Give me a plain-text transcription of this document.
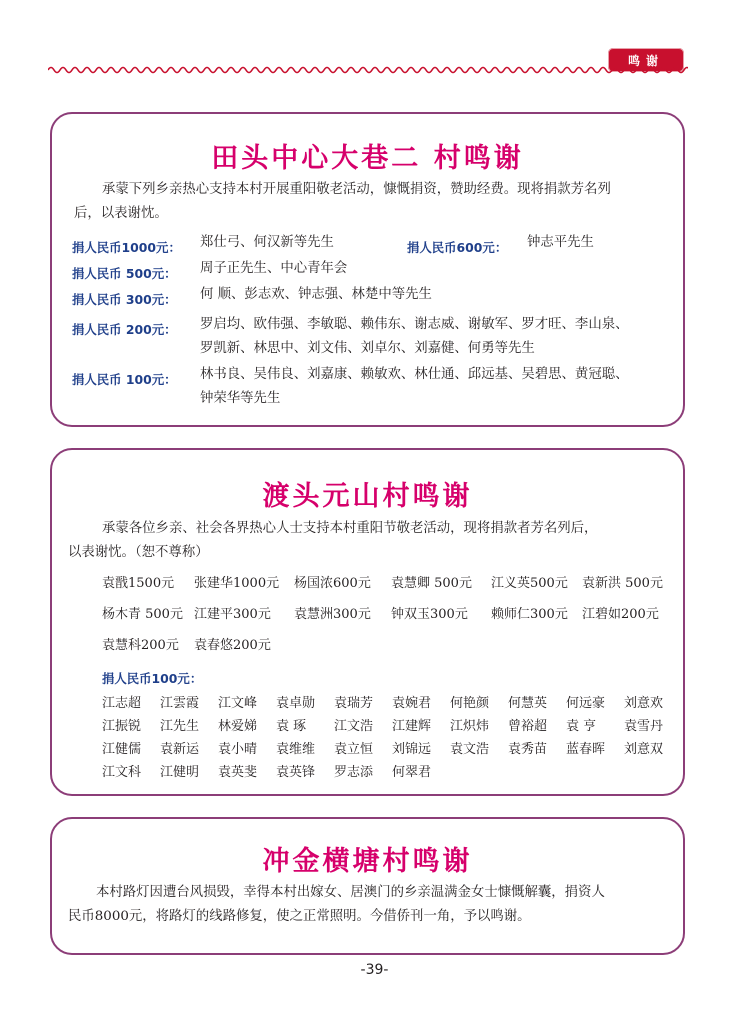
鸣谢
田头中心大巷二 村鸣谢

承蒙下列乡亲热心支持本村开展重阳敬老活动，慷慨捐资，赞助经费。现将捐款芳名列
后，以表谢忱。

捐人民币1000元： 郑仕弓、何汉新等先生	捐人民币600元： 钟志平先生
捐人民币 500元： 周子正先生、中心青年会
捐人民币 300元： 何 顺、彭志欢、钟志强、林楚中等先生
捐人民币 200元： 罗启均、欧伟强、李敏聪、赖伟东、谢志威、谢敏军、罗才旺、李山泉、
罗凯新、林思中、刘文伟、刘卓尔、刘嘉健、何勇等先生
捐人民币 100元： 林书良、吴伟良、刘嘉康、赖敏欢、林仕通、邱远基、吴碧思、黄冠聪、
钟荣华等先生
渡头元山村鸣谢

承蒙各位乡亲、社会各界热心人士支持本村重阳节敬老活动，现将捐款者芳名列后，
以表谢忱。（恕不尊称）

袁戬1500元 张建华1000元 杨国浓600元 袁慧卿 500元 江义英500元 袁新洪 500元
杨木青 500元 江建平300元 袁慧洲300元 钟双玉300元 赖师仁300元 江碧如200元
袁慧科200元 袁春悠200元
捐人民币100元：
江志超 江雲霞 江文峰 袁卓勋 袁瑞芳 袁婉君 何艳颜 何慧英 何远豪 刘意欢
江振锐 江先生 林爱娣 袁 琢 江文浩 江建辉 江炽炜 曾裕超 袁 亨 袁雪丹
江健儒 袁新运 袁小晴 袁维维 袁立恒 刘锦远 袁文浩 袁秀苗 蓝春晖 刘意双
江文科 江健明 袁英斐 袁英锋 罗志添 何翠君
冲金横塘村鸣谢

本村路灯因遭台风损毁，幸得本村出嫁女、居澳门的乡亲温满金女士慷慨解囊，捐资人
民币8000元，将路灯的线路修复，使之正常照明。今借侨刊一角，予以鸣谢。

-39-
